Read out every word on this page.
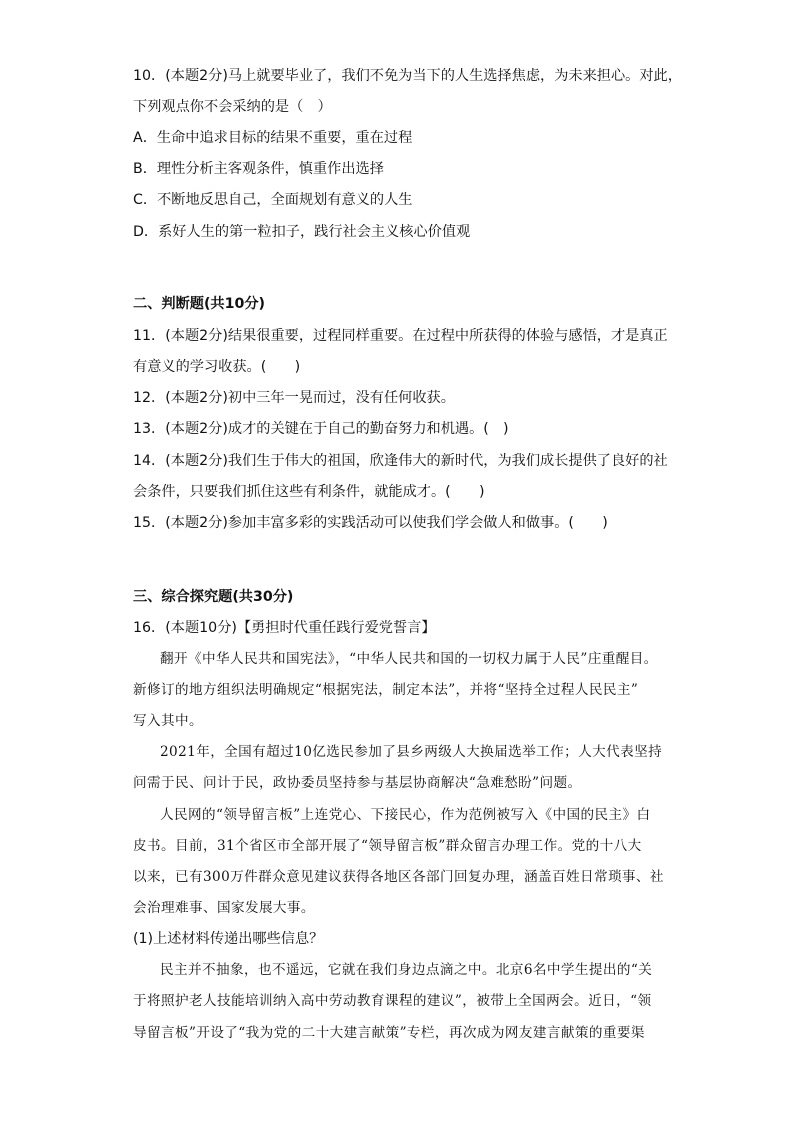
10．(本题2分)马上就要毕业了，我们不免为当下的人生选择焦虑，为未来担心。对此，
下列观点你不会采纳的是（　）
A．生命中追求目标的结果不重要，重在过程
B．理性分析主客观条件，慎重作出选择
C．不断地反思自己，全面规划有意义的人生
D．系好人生的第一粒扣子，践行社会主义核心价值观
二、判断题(共10分)
11．(本题2分)结果很重要，过程同样重要。在过程中所获得的体验与感悟，才是真正
有意义的学习收获。(　　)
12．(本题2分)初中三年一晃而过，没有任何收获。
13．(本题2分)成才的关键在于自己的勤奋努力和机遇。(　)
14．(本题2分)我们生于伟大的祖国，欣逢伟大的新时代，为我们成长提供了良好的社
会条件，只要我们抓住这些有利条件，就能成才。(　　)
15．(本题2分)参加丰富多彩的实践活动可以使我们学会做人和做事。(　　)
三、综合探究题(共30分)
16．(本题10分)【勇担时代重任践行爱党誓言】
翻开《中华人民共和国宪法》，“中华人民共和国的一切权力属于人民”庄重醒目。
新修订的地方组织法明确规定“根据宪法，制定本法”，并将“坚持全过程人民民主”
写入其中。
2021年，全国有超过10亿选民参加了县乡两级人大换届选举工作；人大代表坚持
问需于民、问计于民，政协委员坚持参与基层协商解决“急难愁盼”问题。
人民网的“领导留言板”上连党心、下接民心，作为范例被写入《中国的民主》白
皮书。目前，31个省区市全部开展了“领导留言板”群众留言办理工作。党的十八大
以来，已有300万件群众意见建议获得各地区各部门回复办理，涵盖百姓日常琐事、社
会治理难事、国家发展大事。
(1)上述材料传递出哪些信息？
民主并不抽象，也不遥远，它就在我们身边点滴之中。北京6名中学生提出的“关
于将照护老人技能培训纳入高中劳动教育课程的建议”，被带上全国两会。近日，“领
导留言板”开设了“我为党的二十大建言献策”专栏，再次成为网友建言献策的重要渠
